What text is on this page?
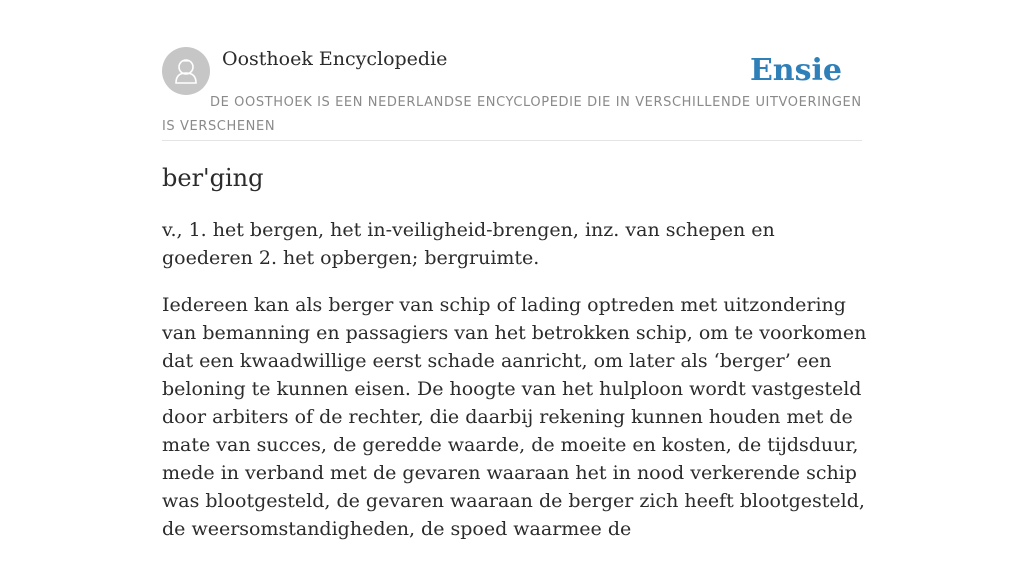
Oosthoek Encyclopedie	Ensie
DE OOSTHOEK IS EEN NEDERLANDSE ENCYCLOPEDIE DIE IN VERSCHILLENDE UITVOERINGEN IS VERSCHENEN
ber'ging

v., 1. het bergen, het in-veiligheid-brengen, inz. van schepen en goederen 2. het opbergen; bergruimte.

Iedereen kan als berger van schip of lading optreden met uitzondering van bemanning en passagiers van het betrokken schip, om te voorkomen dat een kwaadwillige eerst schade aanricht, om later als ‘berger’ een beloning te kunnen eisen. De hoogte van het hulploon wordt vastgesteld door arbiters of de rechter, die daarbij rekening kunnen houden met de mate van succes, de geredde waarde, de moeite en kosten, de tijdsduur, mede in verband met de gevaren waaraan het in nood verkerende schip was blootgesteld, de gevaren waaraan de berger zich heeft blootgesteld, de weersomstandigheden, de spoed waarmee de
